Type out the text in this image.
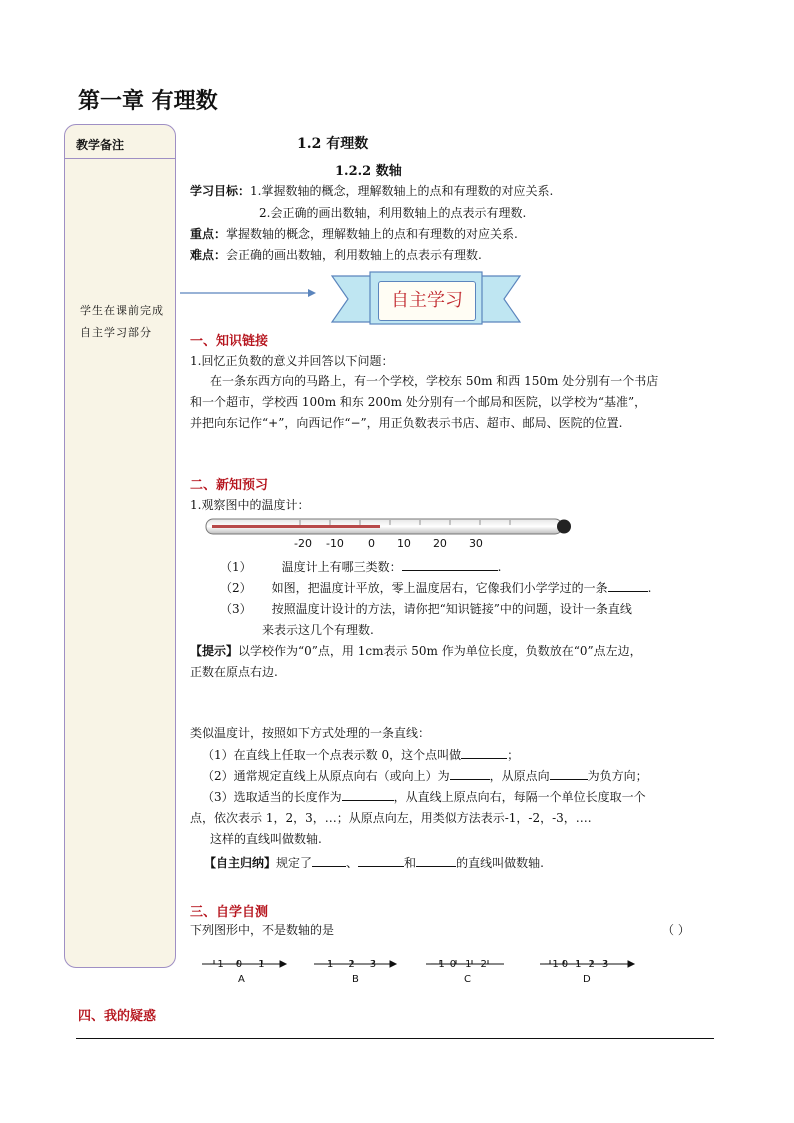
第一章 有理数
教学备注
学生在课前完成自主学习部分
1.2 有理数
1.2.2 数轴
学习目标：1.掌握数轴的概念，理解数轴上的点和有理数的对应关系.
2.会正确的画出数轴，利用数轴上的点表示有理数.
重点：掌握数轴的概念，理解数轴上的点和有理数的对应关系.
难点：会正确的画出数轴，利用数轴上的点表示有理数.
自主学习
一、知识链接
1.回忆正负数的意义并回答以下问题：
在一条东西方向的马路上，有一个学校，学校东 50m 和西 150m 处分别有一个书店
和一个超市，学校西 100m 和东 200m 处分别有一个邮局和医院，以学校为“基准”，
并把向东记作“+”，向西记作“−”，用正负数表示书店、超市、邮局、医院的位置.
二、新知预习
1.观察图中的温度计：
-20 -10 0 10 20 30
（1）	温度计上有哪三类数：	.
（2） 如图，把温度计平放，零上温度居右，它像我们小学学过的一条	.
（3） 按照温度计设计的方法，请你把“知识链接”中的问题，设计一条直线
来表示这几个有理数.
【提示】以学校作为“0”点，用 1cm表示 50m 作为单位长度，负数放在“0”点左边，
正数在原点右边.
类似温度计，按照如下方式处理的一条直线：
（1）在直线上任取一个点表示数 0，这个点叫做	；
（2）通常规定直线上从原点向右（或向上）为	，从原点向	为负方向；
（3）选取适当的长度作为	，从直线上原点向右，每隔一个单位长度取一个
点，依次表示 1，2，3，…；从原点向左，用类似方法表示-1，-2，-3，….
这样的直线叫做数轴.
【自主归纳】规定了	、	和	的直线叫做数轴.
三、自学自测
下列图形中，不是数轴的是	（ ）
−1 0 1	1 2 3	−1 0 1 2	−1 0 1 2 3
A	B	C	D
四、我的疑惑
